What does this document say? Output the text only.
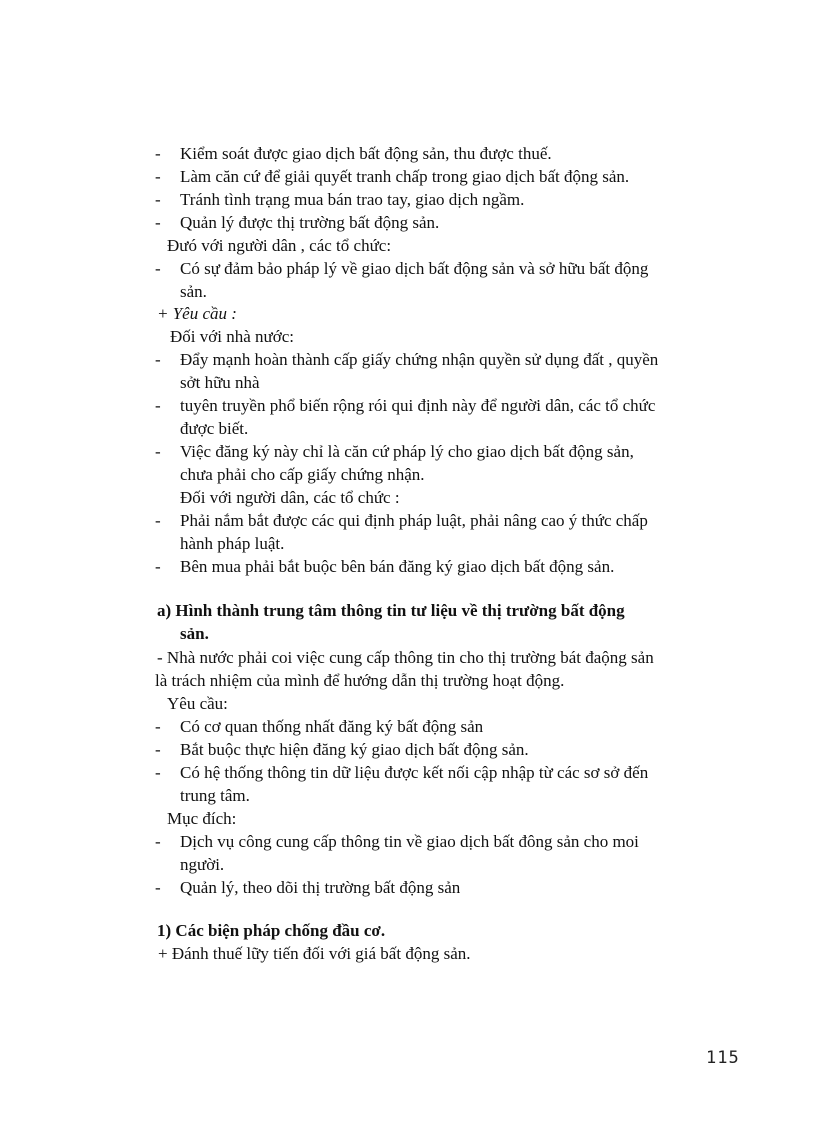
- Kiểm soát được giao dịch bất động sản, thu được thuế.
- Làm căn cứ để giải quyết tranh chấp trong giao dịch bất động sản.
- Tránh tình trạng mua bán trao tay, giao dịch ngầm.
- Quản lý được thị trường bất động sản.
Đưó với người dân , các tổ chức:
- Có sự đảm bảo pháp lý về giao dịch bất động sản và sở hữu bất động
sản.
+ Yêu cầu :
Đối với nhà nước:
- Đẩy mạnh hoàn thành cấp giấy chứng nhận quyền sử dụng đất , quyền
sởt hữu nhà
- tuyên truyền phổ biến rộng rói qui định này để người dân, các tổ chức
được biết.
- Việc đăng ký này chỉ là căn cứ pháp lý cho giao dịch bất động sản,
chưa phải cho cấp giấy chứng nhận.
Đối với người dân, các tổ chức :
- Phải nắm bắt được các qui định pháp luật, phải nâng cao ý thức chấp
hành pháp luật.
- Bên mua phải bắt buộc bên bán đăng ký giao dịch bất động sản.
a) Hình thành trung tâm thông tin tư liệu về thị trường bất động
sản.
- Nhà nước phải coi việc cung cấp thông tin cho thị trường bát đaộng sản
là trách nhiệm của mình để hướng dẫn thị trường hoạt động.
Yêu cầu:
- Có cơ quan thống nhất đăng ký bất động sản
- Bắt buộc thực hiện đăng ký giao dịch bất động sản.
- Có hệ thống thông tin dữ liệu được kết nối cập nhập từ các sơ sở đến
trung tâm.
Mục đích:
- Dịch vụ công cung cấp thông tin về giao dịch bất đông sản cho moi
người.
- Quản lý, theo dõi thị trường bất động sản
1) Các biện pháp chống đầu cơ.
+ Đánh thuế lữy tiến đối với giá bất động sản.
115
